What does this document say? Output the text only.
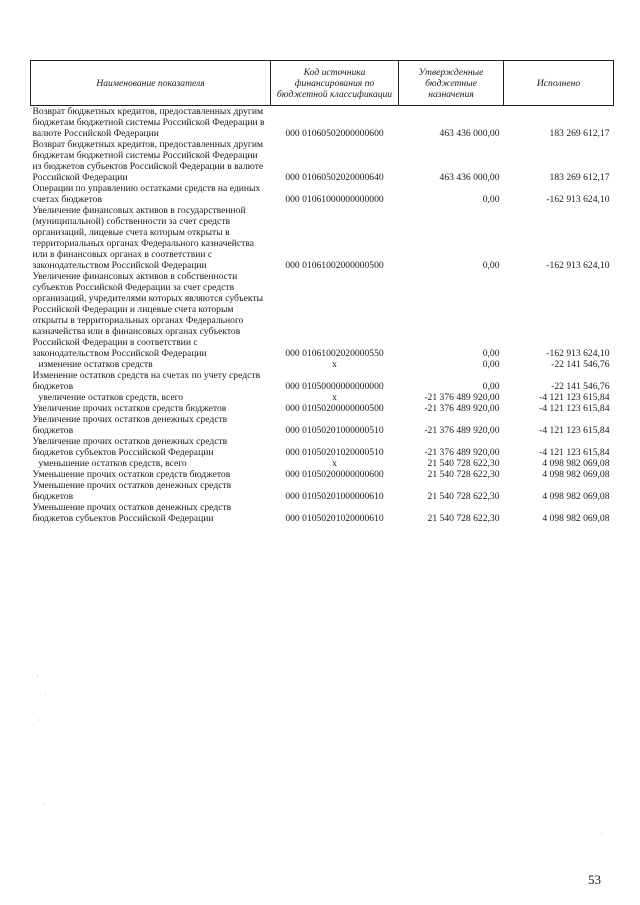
Наименование показателя	Код источника финансирования по бюджетной классификации	Утвержденные бюджетные назначения	Исполнено
Возврат бюджетных кредитов, предоставленных другим бюджетам бюджетной системы Российской Федерации в валюте Российской Федерации	000 01060502000000600	463 436 000,00	183 269 612,17
Возврат бюджетных кредитов, предоставленных другим бюджетам бюджетной системы Российской Федерации из бюджетов субъектов Российской Федерации в валюте Российской Федерации	000 01060502020000640	463 436 000,00	183 269 612,17
Операции по управлению остатками средств на единых счетах бюджетов	000 01061000000000000	0,00	-162 913 624,10
Увеличение финансовых активов в государственной (муниципальной) собственности за счет средств организаций, лицевые счета которым открыты в территориальных органах Федерального казначейства или в финансовых органах в соответствии с законодательством Российской Федерации	000 01061002000000500	0,00	-162 913 624,10
Увеличение финансовых активов в собственности субъектов Российской Федерации за счет средств организаций, учредителями которых являются субъекты Российской Федерации и лицевые счета которым открыты в территориальных органах Федерального казначейства или в финансовых органах субъектов Российской Федерации в соответствии с законодательством Российской Федерации	000 01061002020000550	0,00	-162 913 624,10
изменение остатков средств	x	0,00	-22 141 546,76
Изменение остатков средств на счетах по учету средств бюджетов	000 01050000000000000	0,00	-22 141 546,76
увеличение остатков средств, всего	x	-21 376 489 920,00	-4 121 123 615,84
Увеличение прочих остатков средств бюджетов	000 01050200000000500	-21 376 489 920,00	-4 121 123 615,84
Увеличение прочих остатков денежных средств бюджетов	000 01050201000000510	-21 376 489 920,00	-4 121 123 615,84
Увеличение прочих остатков денежных средств бюджетов субъектов Российской Федерации	000 01050201020000510	-21 376 489 920,00	-4 121 123 615,84
уменьшение остатков средств, всего	x	21 540 728 622,30	4 098 982 069,08
Уменьшение прочих остатков средств бюджетов	000 01050200000000600	21 540 728 622,30	4 098 982 069,08
Уменьшение прочих остатков денежных средств бюджетов	000 01050201000000610	21 540 728 622,30	4 098 982 069,08
Уменьшение прочих остатков денежных средств бюджетов субъектов Российской Федерации	000 01050201020000610	21 540 728 622,30	4 098 982 069,08
·
·
·
·
·
53
